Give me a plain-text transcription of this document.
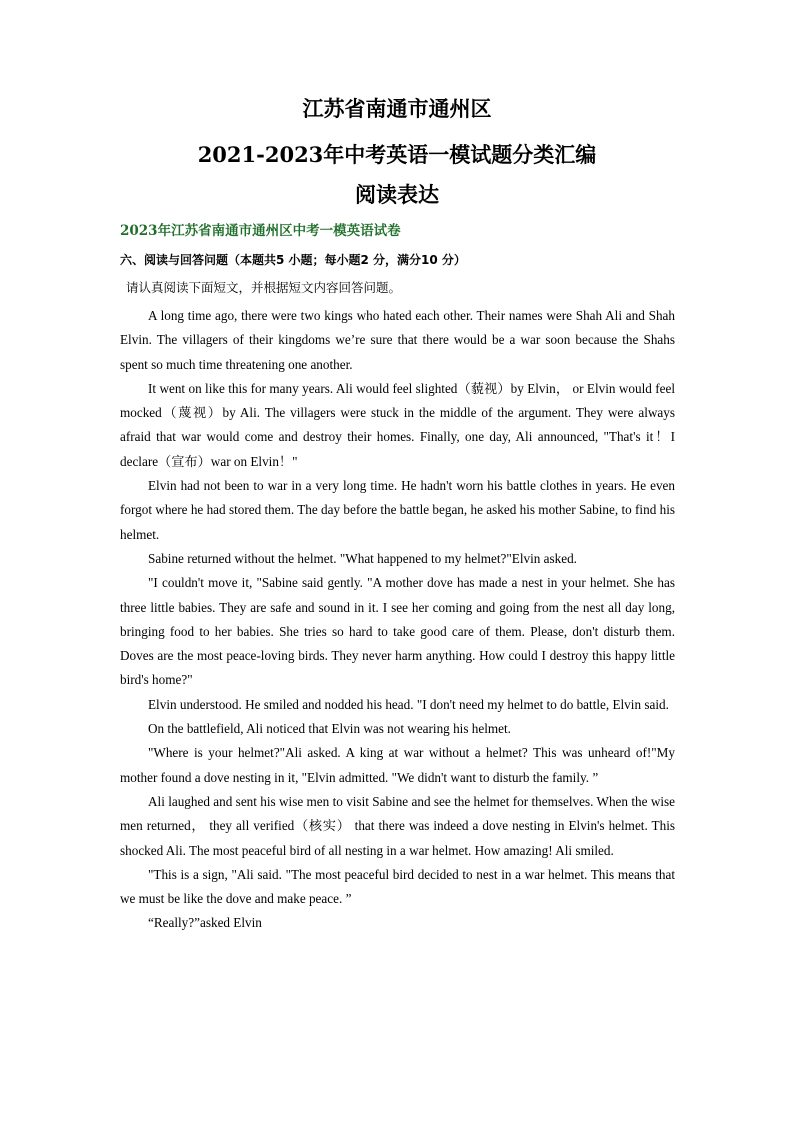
江苏省南通市通州区
2021-2023年中考英语一模试题分类汇编
阅读表达
2023年江苏省南通市通州区中考一模英语试卷
六、阅读与回答问题（本题共5 小题；每小题2 分，满分10 分）

请认真阅读下面短文，并根据短文内容回答问题。

A long time ago, there were two kings who hated each other. Their names were Shah Ali and Shah Elvin. The villagers of their kingdoms we’re sure that there would be a war soon because the Shahs spent so much time threatening one another.

It went on like this for many years. Ali would feel slighted（藐视）by Elvin， or Elvin would feel mocked（蔑视）by Ali. The villagers were stuck in the middle of the argument. They were always afraid that war would come and destroy their homes. Finally, one day, Ali announced, "That's it！I declare（宣布）war on Elvin！"

Elvin had not been to war in a very long time. He hadn't worn his battle clothes in years. He even forgot where he had stored them. The day before the battle began, he asked his mother Sabine, to find his helmet.

Sabine returned without the helmet. "What happened to my helmet?"Elvin asked.

"I couldn't move it, "Sabine said gently. "A mother dove has made a nest in your helmet. She has three little babies. They are safe and sound in it. I see her coming and going from the nest all day long, bringing food to her babies. She tries so hard to take good care of them. Please, don't disturb them. Doves are the most peace-loving birds. They never harm anything. How could I destroy this happy little bird's home?"

Elvin understood. He smiled and nodded his head. "I don't need my helmet to do battle, Elvin said.

On the battlefield, Ali noticed that Elvin was not wearing his helmet.

"Where is your helmet?"Ali asked. A king at war without a helmet? This was unheard of!"My mother found a dove nesting in it, "Elvin admitted. "We didn't want to disturb the family. ”

Ali laughed and sent his wise men to visit Sabine and see the helmet for themselves. When the wise men returned， they all verified（核实） that there was indeed a dove nesting in Elvin's helmet. This shocked Ali. The most peaceful bird of all nesting in a war helmet. How amazing! Ali smiled.

"This is a sign, "Ali said. "The most peaceful bird decided to nest in a war helmet. This means that we must be like the dove and make peace. ”

“Really?”asked Elvin
